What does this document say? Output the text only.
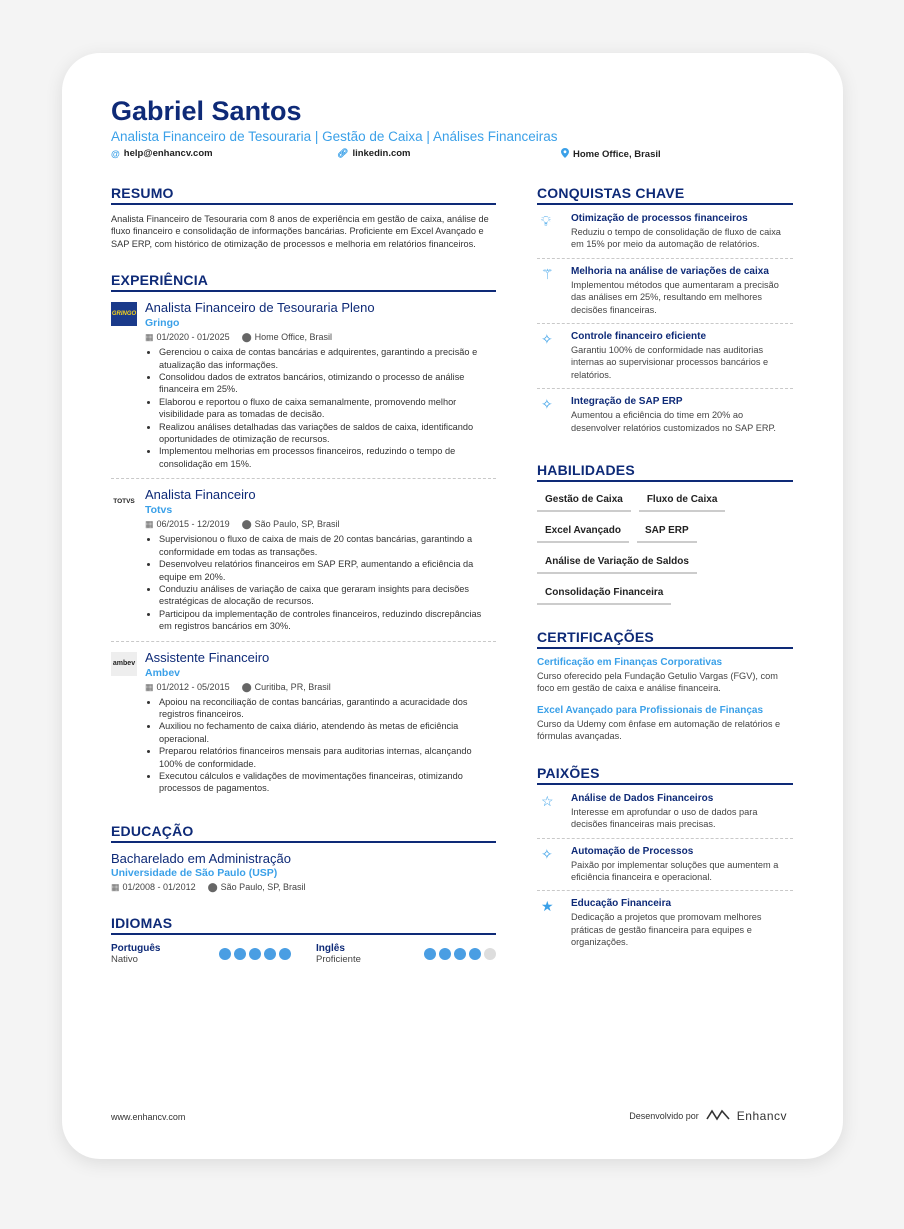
Gabriel Santos
Analista Financeiro de Tesouraria | Gestão de Caixa | Análises Financeiras
@ help@enhancv.com	🔗︎ linkedin.com	Home Office, Brasil
RESUMO
Analista Financeiro de Tesouraria com 8 anos de experiência em gestão de caixa, análise de fluxo financeiro e consolidação de informações bancárias. Proficiente em Excel Avançado e SAP ERP, com histórico de otimização de processos e melhoria em relatórios financeiros.
EXPERIÊNCIA
GRINGO Analista Financeiro de Tesouraria Pleno
Gringo
▦ 01/2020 - 01/2025 ⬤ Home Office, Brasil
• Gerenciou o caixa de contas bancárias e adquirentes, garantindo a precisão e atualização das informações.
• Consolidou dados de extratos bancários, otimizando o processo de análise financeira em 25%.
• Elaborou e reportou o fluxo de caixa semanalmente, promovendo melhor visibilidade para as tomadas de decisão.
• Realizou análises detalhadas das variações de saldos de caixa, identificando oportunidades de otimização de recursos.
• Implementou melhorias em processos financeiros, reduzindo o tempo de consolidação em 15%.
TOTVS Analista Financeiro
Totvs
▦ 06/2015 - 12/2019 ⬤ São Paulo, SP, Brasil
• Supervisionou o fluxo de caixa de mais de 20 contas bancárias, garantindo a conformidade em todas as transações.
• Desenvolveu relatórios financeiros em SAP ERP, aumentando a eficiência da equipe em 20%.
• Conduziu análises de variação de caixa que geraram insights para decisões estratégicas de alocação de recursos.
• Participou da implementação de controles financeiros, reduzindo discrepâncias em registros bancários em 30%.
ambev Assistente Financeiro
Ambev
▦ 01/2012 - 05/2015 ⬤ Curitiba, PR, Brasil
• Apoiou na reconciliação de contas bancárias, garantindo a acuracidade dos registros financeiros.
• Auxiliou no fechamento de caixa diário, atendendo às metas de eficiência operacional.
• Preparou relatórios financeiros mensais para auditorias internas, alcançando 100% de conformidade.
• Executou cálculos e validações de movimentações financeiras, otimizando processos de pagamentos.
EDUCAÇÃO
Bacharelado em Administração
Universidade de São Paulo (USP)
▦ 01/2008 - 01/2012 ⬤ São Paulo, SP, Brasil
IDIOMAS
Português
Nativo
Inglês
Proficiente
CONQUISTAS CHAVE
💡︎ Otimização de processos financeiros
Reduziu o tempo de consolidação de fluxo de caixa em 15% por meio da automação de relatórios.
⚚ Melhoria na análise de variações de caixa
Implementou métodos que aumentaram a precisão das análises em 25%, resultando em melhores decisões financeiras.
✧ Controle financeiro eficiente
Garantiu 100% de conformidade nas auditorias internas ao supervisionar processos bancários e relatórios.
✧ Integração de SAP ERP
Aumentou a eficiência do time em 20% ao desenvolver relatórios customizados no SAP ERP.
HABILIDADES
Gestão de Caixa	Fluxo de Caixa
Excel Avançado	SAP ERP
Análise de Variação de Saldos
Consolidação Financeira
CERTIFICAÇÕES
Certificação em Finanças Corporativas
Curso oferecido pela Fundação Getulio Vargas (FGV), com foco em gestão de caixa e análise financeira.
Excel Avançado para Profissionais de Finanças
Curso da Udemy com ênfase em automação de relatórios e fórmulas avançadas.
PAIXÕES
☆ Análise de Dados Financeiros
Interesse em aprofundar o uso de dados para decisões financeiras mais precisas.
✧ Automação de Processos
Paixão por implementar soluções que aumentem a eficiência financeira e operacional.
★ Educação Financeira
Dedicação a projetos que promovam melhores práticas de gestão financeira para equipes e organizações.
www.enhancv.com	Desenvolvido por	Enhancv
